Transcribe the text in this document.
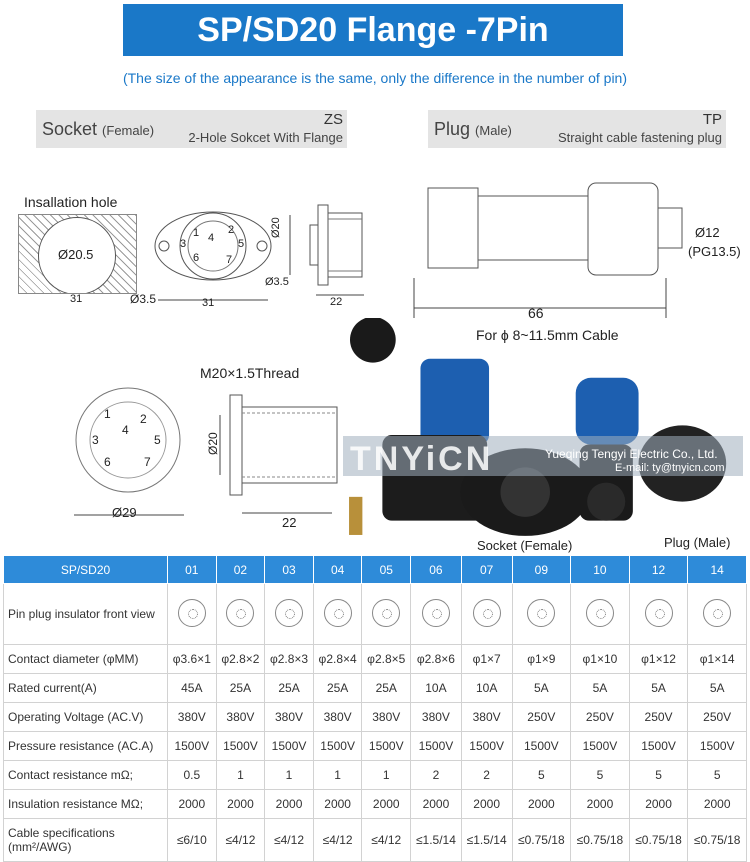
SP/SD20 Flange -7Pin
(The size of the appearance is the same, only the difference in the number of pin)
Socket (Female)
ZS
2-Hole Sokcet With Flange	Plug (Male)
TP
Straight cable fastening plug
Insallation hole
Ø20.5
31	Ø3.5	31
Ø3.5
1	2
3 4 5
6 7
Ø20
22
Ø12
(PG13.5)
66
For ϕ 8~11.5mm Cable
M20×1.5Thread
1 2
3
4
5
6	7
Ø29
Ø20
22
TNYiCN	Yueqing Tengyi Electric Co., Ltd.
E-mail: ty@tnyicn.com
Socket (Female)	Plug (Male)
SP/SD20	01	02	03	04	05	06	07	09	10	12	14
Pin plug insulator front view											
Contact diameter (φMM)	φ3.6×1	φ2.8×2	φ2.8×3	φ2.8×4	φ2.8×5	φ2.8×6	φ1×7	φ1×9	φ1×10	φ1×12	φ1×14
Rated current(A)	45A	25A	25A	25A	25A	10A	10A	5A	5A	5A	5A
Operating Voltage (AC.V)	380V	380V	380V	380V	380V	380V	380V	250V	250V	250V	250V
Pressure resistance (AC.A)	1500V	1500V	1500V	1500V	1500V	1500V	1500V	1500V	1500V	1500V	1500V
Contact resistance mΩ;	0.5	1	1	1	1	2	2	5	5	5	5
Insulation resistance MΩ;	2000	2000	2000	2000	2000	2000	2000	2000	2000	2000	2000
Cable specifications (mm²/AWG)	≤6/10	≤4/12	≤4/12	≤4/12	≤4/12	≤1.5/14	≤1.5/14	≤0.75/18	≤0.75/18	≤0.75/18	≤0.75/18
